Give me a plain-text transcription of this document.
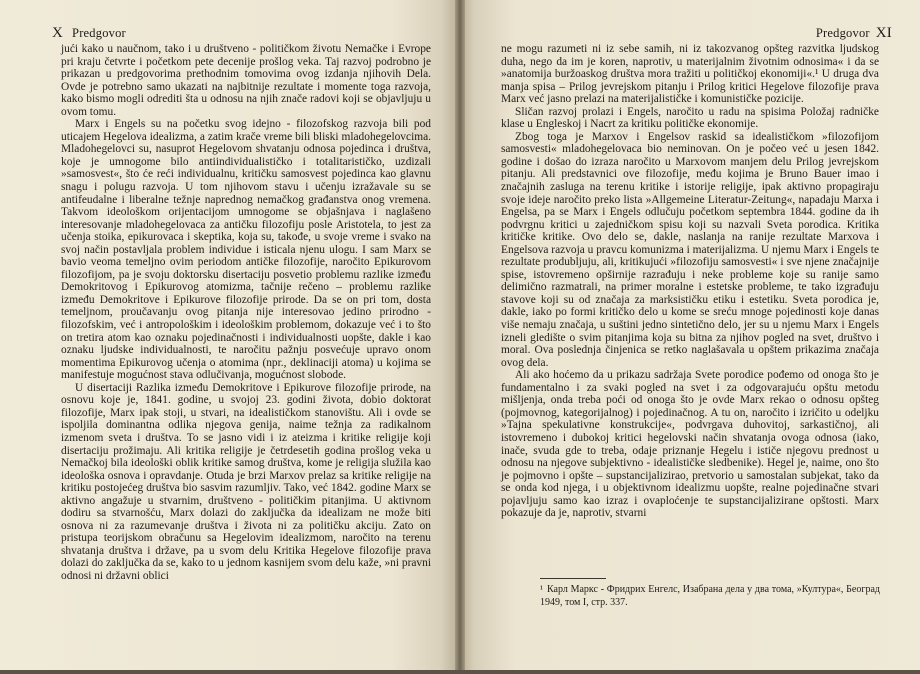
X Predgovor

jući kako u naučnom, tako i u društveno - političkom životu Nemačke i Evrope pri kraju četvrte i početkom pete decenije prošlog veka. Taj razvoj podrobno je prikazan u predgovorima prethodnim tomovima ovog izdanja njihovih Dela. Ovde je potrebno samo ukazati na najbitnije rezultate i momente toga razvoja, kako bismo mogli odrediti šta u odnosu na njih znače radovi koji se objavljuju u ovom tomu.

Marx i Engels su na početku svog idejno - filozofskog razvoja bili pod uticajem Hegelova idealizma, a zatim krače vreme bili bliski mladohegelovcima. Mladohegelovci su, nasuprot Hegelovom shvatanju odnosa pojedinca i društva, koje je umnogome bilo antiindividualističko i totalitarističko, uzdizali »samosvest«, što će reći individualnu, kritičku samosvest pojedinca kao glavnu snagu i polugu razvoja. U tom njihovom stavu i učenju izražavale su se antifeudalne i liberalne težnje naprednog nemačkog građanstva onog vremena. Takvom ideološkom orijentacijom umnogome se objašnjava i naglašeno interesovanje mladohegelovaca za antičku filozofiju posle Aristotela, to jest za učenja stoika, epikurovaca i skeptika, koja su, takođe, u svoje vreme i svako na svoj način postavljala problem individue i isticala njenu ulogu. I sam Marx se bavio veoma temeljno ovim periodom antičke filozofije, naročito Epikurovom filozofijom, pa je svoju doktorsku disertaciju posvetio problemu razlike između Demokritovog i Epikurovog atomizma, tačnije rečeno – problemu razlike između Demokritove i Epikurove filozofije prirode. Da se on pri tom, dosta temeljnom, proučavanju ovog pitanja nije interesovao jedino prirodno - filozofskim, već i antropološkim i ideološkim problemom, dokazuje već i to što on tretira atom kao oznaku pojedinačnosti i individualnosti uopšte, dakle i kao oznaku ljudske individualnosti, te naročitu pažnju posvećuje upravo onom momentima Epikurovog učenja o atomima (npr., deklinaciji atoma) u kojima se manifestuje mogućnost stava odlučivanja, mogućnost slobode.

U disertaciji Razlika između Demokritove i Epikurove filozofije prirode, na osnovu koje je, 1841. godine, u svojoj 23. godini života, dobio doktorat filozofije, Marx ipak stoji, u stvari, na idealističkom stanovištu. Ali i ovde se ispoljila dominantna odlika njegova genija, naime težnja za radikalnom izmenom sveta i društva. To se jasno vidi i iz ateizma i kritike religije koji disertaciju prožimaju. Ali kritika religije je četrdesetih godina prošlog veka u Nemačkoj bila ideološki oblik kritike samog društva, kome je religija služila kao ideološka osnova i opravdanje. Otuda je brzi Marxov prelaz sa kritike religije na kritiku postojećeg društva bio sasvim razumljiv. Tako, već 1842. godine Marx se aktivno angažuje u stvarnim, društveno - političkim pitanjima. U aktivnom dodiru sa stvarnošću, Marx dolazi do zaključka da idealizam ne može biti osnova ni za razumevanje društva i života ni za političku akciju. Zato on pristupa teorijskom obračunu sa Hegelovim idealizmom, naročito na terenu shvatanja društva i države, pa u svom delu Kritika Hegelove filozofije prava dolazi do zaključka da se, kako to u jednom kasnijem svom delu kaže, »ni pravni odnosi ni državni oblici

Predgovor XI

ne mogu razumeti ni iz sebe samih, ni iz takozvanog opšteg razvitka ljudskog duha, nego da im je koren, naprotiv, u materijalnim životnim odnosima« i da se »anatomija buržoaskog društva mora tražiti u političkoj ekonomiji«.¹ U druga dva manja spisa – Prilog jevrejskom pitanju i Prilog kritici Hegelove filozofije prava Marx već jasno prelazi na materijalističke i komunističke pozicije.

Sličan razvoj prolazi i Engels, naročito u radu na spisima Položaj radničke klase u Engleskoj i Nacrt za kritiku političke ekonomije.

Zbog toga je Marxov i Engelsov raskid sa idealističkom »filozofijom samosvesti« mladohegelovaca bio neminovan. On je počeo već u jesen 1842. godine i došao do izraza naročito u Marxovom manjem delu Prilog jevrejskom pitanju. Ali predstavnici ove filozofije, među kojima je Bruno Bauer imao i značajnih zasluga na terenu kritike i istorije religije, ipak aktivno propagiraju svoje ideje naročito preko lista »Allgemeine Literatur-Zeitung«, napadaju Marxa i Engelsa, pa se Marx i Engels odlučuju početkom septembra 1844. godine da ih podvrgnu kritici u zajedničkom spisu koji su nazvali Sveta porodica. Kritika kritičke kritike. Ovo delo se, dakle, naslanja na ranije rezultate Marxova i Engelsova razvoja u pravcu komunizma i materijalizma. U njemu Marx i Engels te rezultate produbljuju, ali, kritikujući »filozofiju samosvesti« i sve njene značajnije spise, istovremeno opširnije razrađuju i neke probleme koje su ranije samo delimično razmatrali, na primer moralne i estetske probleme, te tako izgrađuju stavove koji su od značaja za marksističku etiku i estetiku. Sveta porodica je, dakle, iako po formi kritičko delo u kome se sreću mnoge pojedinosti koje danas više nemaju značaja, u suštini jedno sintetično delo, jer su u njemu Marx i Engels izneli gledište o svim pitanjima koja su bitna za njihov pogled na svet, društvo i moral. Ova poslednja činjenica se retko naglašavala u opštem prikazima značaja ovog dela.

Ali ako hoćemo da u prikazu sadržaja Svete porodice pođemo od onoga što je fundamentalno i za svaki pogled na svet i za odgovarajuću opštu metodu mišljenja, onda treba poći od onoga što je ovde Marx rekao o odnosu opšteg (pojmovnog, kategorijalnog) i pojedinačnog. A tu on, naročito i izričito u odeljku »Tajna spekulativne konstrukcije«, podvrgava duhovitoj, sarkastičnoj, ali istovremeno i dubokoj kritici hegelovski način shvatanja ovoga odnosa (iako, inače, svuda gde to treba, odaje priznanje Hegelu i ističe njegovu prednost u odnosu na njegove subjektivno - idealističke sledbenike). Hegel je, naime, ono što je pojmovno i opšte – supstancijalizirao, pretvorio u samostalan subjekat, tako da se onda kod njega, i u objektivnom idealizmu uopšte, realne pojedinačne stvari pojavljuju samo kao izraz i ovaploćenje te supstancijalizirane opštosti. Marx pokazuje da je, naprotiv, stvarni

¹ Карл Маркс - Фридрих Енгелс, Изабрана дела у два тома, »Култура«, Београд 1949, том I, стр. 337.
